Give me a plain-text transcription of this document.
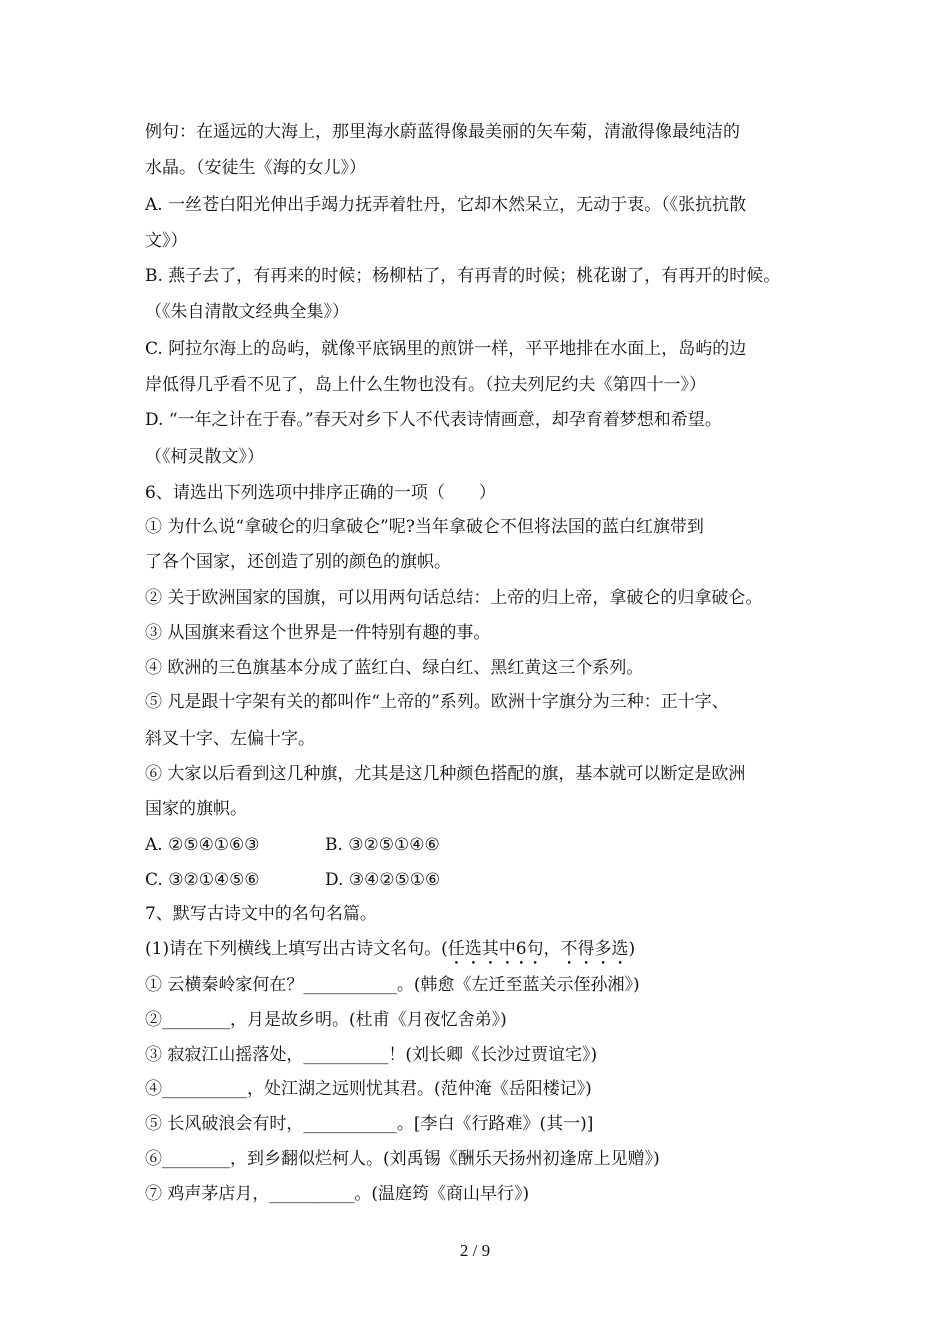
例句：在遥远的大海上，那里海水蔚蓝得像最美丽的矢车菊，清澈得像最纯洁的
水晶。（安徒生《海的女儿》）
A. 一丝苍白阳光伸出手竭力抚弄着牡丹，它却木然呆立，无动于衷。（《张抗抗散
文》）
B. 燕子去了，有再来的时候；杨柳枯了，有再青的时候；桃花谢了，有再开的时候。
（《朱自清散文经典全集》）
C. 阿拉尔海上的岛屿，就像平底锅里的煎饼一样，平平地排在水面上，岛屿的边
岸低得几乎看不见了，岛上什么生物也没有。（拉夫列尼约夫《第四十一》）
D. “一年之计在于春。”春天对乡下人不代表诗情画意，却孕育着梦想和希望。
（《柯灵散文》）
6、请选出下列选项中排序正确的一项（　　）
① 为什么说“拿破仑的归拿破仑”呢?当年拿破仑不但将法国的蓝白红旗带到
了各个国家，还创造了别的颜色的旗帜。
② 关于欧洲国家的国旗，可以用两句话总结：上帝的归上帝，拿破仑的归拿破仑。
③ 从国旗来看这个世界是一件特别有趣的事。
④ 欧洲的三色旗基本分成了蓝红白、绿白红、黑红黄这三个系列。
⑤ 凡是跟十字架有关的都叫作“上帝的”系列。欧洲十字旗分为三种：正十字、
斜叉十字、左偏十字。
⑥ 大家以后看到这几种旗，尤其是这几种颜色搭配的旗，基本就可以断定是欧洲
国家的旗帜。
A. ②⑤④①⑥③	B. ③②⑤①④⑥
C. ③②①④⑤⑥	D. ③④②⑤①⑥
7、默写古诗文中的名句名篇。
(1)请在下列横线上填写出古诗文名句。(任选其中6句，不得多选)
① 云横秦岭家何在？___________。(韩愈《左迁至蓝关示侄孙湘》)
②________，月是故乡明。(杜甫《月夜忆舍弟》)
③ 寂寂江山摇落处，__________！(刘长卿《长沙过贾谊宅》)
④__________，处江湖之远则忧其君。(范仲淹《岳阳楼记》)
⑤ 长风破浪会有时，___________。[李白《行路难》(其一)]
⑥________，到乡翻似烂柯人。(刘禹锡《酬乐天扬州初逢席上见赠》)
⑦ 鸡声茅店月，__________。(温庭筠《商山早行》)
2 / 9
